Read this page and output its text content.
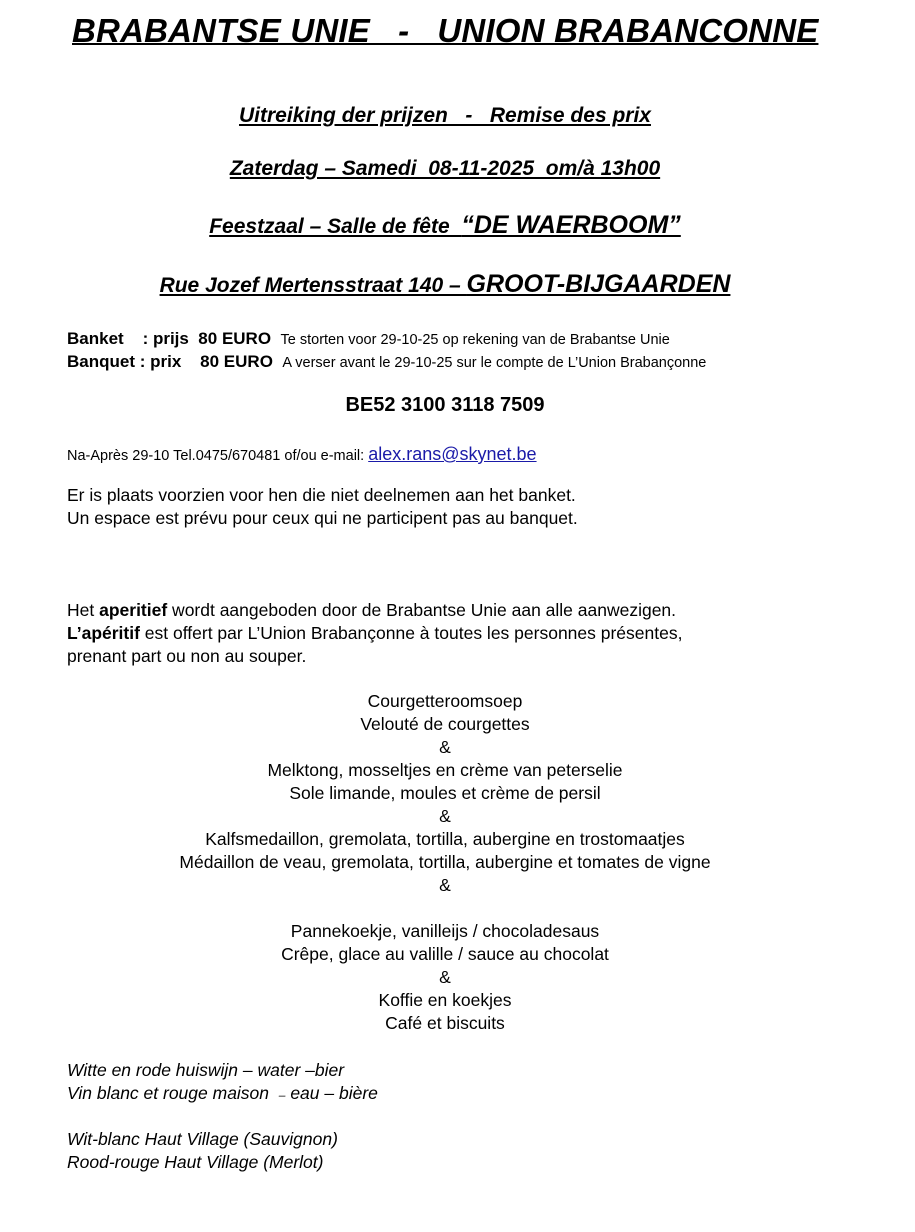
BRABANTSE UNIE   -   UNION BRABANCONNE
Uitreiking der prijzen   -   Remise des prix
Zaterdag – Samedi  08-11-2025  om/à 13h00
Feestzaal – Salle de fête  “DE WAERBOOM”
Rue Jozef Mertensstraat 140 – GROOT-BIJGAARDEN
Banket    : prijs  80 EURO Te storten voor 29-10-25 op rekening van de Brabantse Unie
Banquet : prix    80 EURO A verser avant le 29-10-25 sur le compte de L’Union Brabançonne
BE52 3100 3118 7509
Na-Après 29-10 Tel.0475/670481 of/ou e-mail: alex.rans@skynet.be
Er is plaats voorzien voor hen die niet deelnemen aan het banket.
Un espace est prévu pour ceux qui ne participent pas au banquet.
Het aperitief wordt aangeboden door de Brabantse Unie aan alle aanwezigen.
L’apéritif est offert par L’Union Brabançonne à toutes les personnes présentes,
prenant part ou non au souper.
Courgetteroomsoep
Velouté de courgettes
&
Melktong, mosseltjes en crème van peterselie
Sole limande, moules et crème de persil
&
Kalfsmedaillon, gremolata, tortilla, aubergine en trostomaatjes
Médaillon de veau, gremolata, tortilla, aubergine et tomates de vigne
&
Pannekoekje, vanilleijs / chocoladesaus
Crêpe, glace au valille / sauce au chocolat
&
Koffie en koekjes
Café et biscuits
Witte en rode huiswijn – water –bier
Vin blanc et rouge maison  – eau – bière
Wit-blanc Haut Village (Sauvignon)
Rood-rouge Haut Village (Merlot)
